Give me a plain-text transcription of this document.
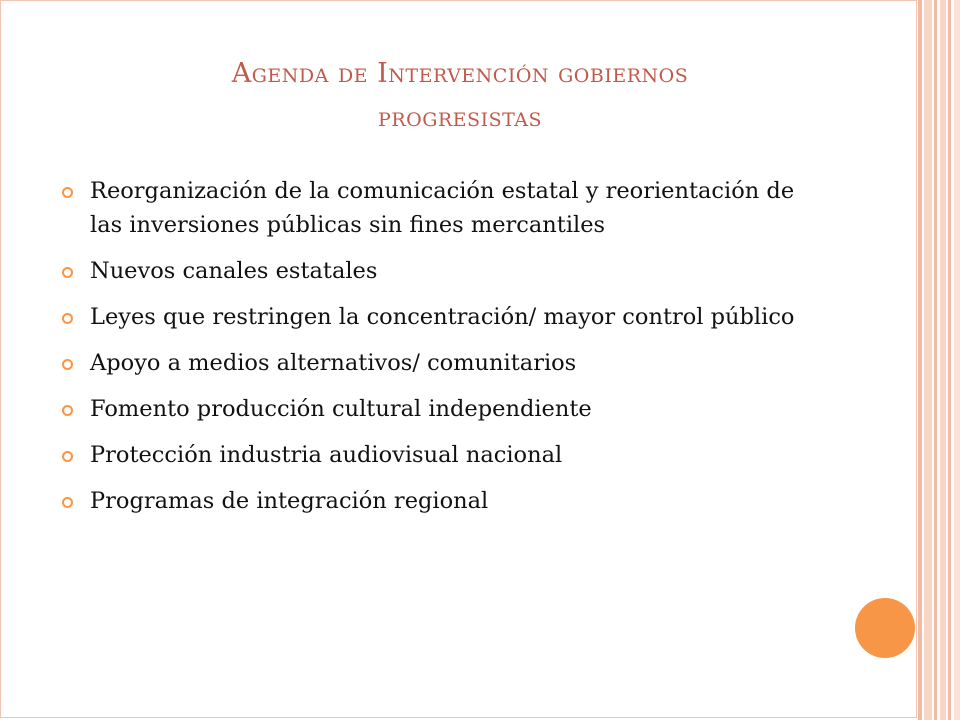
Agenda de Intervención gobiernos
progresistas
Reorganización de la comunicación estatal y reorientación de las inversiones públicas sin fines mercantiles
Nuevos canales estatales
Leyes que restringen la concentración/ mayor control público
Apoyo a medios alternativos/ comunitarios
Fomento producción cultural independiente
Protección industria audiovisual nacional
Programas de integración regional
